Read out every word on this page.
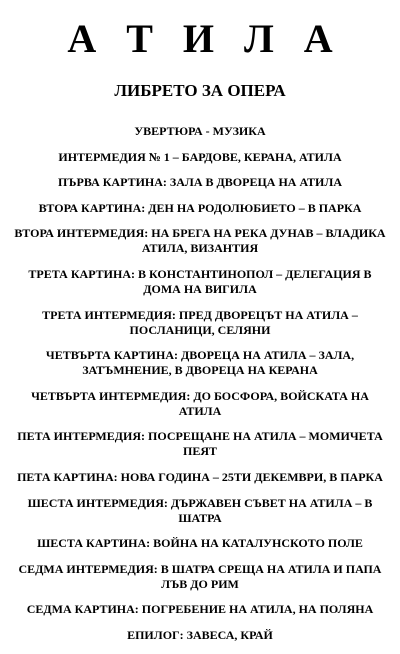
А Т И Л А
ЛИБРЕТО ЗА ОПЕРА
УВЕРТЮРА - МУЗИКА
ИНТЕРМЕДИЯ № 1 – БАРДОВЕ, КЕРАНА, АТИЛА
ПЪРВА КАРТИНА: ЗАЛА В ДВОРЕЦА НА АТИЛА
ВТОРА КАРТИНА: ДЕН НА РОДОЛЮБИЕТО – В ПАРКА
ВТОРА ИНТЕРМЕДИЯ: НА БРЕГА НА РЕКА ДУНАВ – ВЛАДИКА АТИЛА, ВИЗАНТИЯ
ТРЕТА КАРТИНА: В КОНСТАНТИНОПОЛ – ДЕЛЕГАЦИЯ В ДОМА НА ВИГИЛА
ТРЕТА ИНТЕРМЕДИЯ: ПРЕД ДВОРЕЦЪТ НА АТИЛА – ПОСЛАНИЦИ, СЕЛЯНИ
ЧЕТВЪРТА КАРТИНА: ДВОРЕЦА НА АТИЛА – ЗАЛА, ЗАТЪМНЕНИЕ, В ДВОРЕЦА НА КЕРАНА
ЧЕТВЪРТА ИНТЕРМЕДИЯ: ДО БОСФОРА, ВОЙСКАТА НА АТИЛА
ПЕТА ИНТЕРМЕДИЯ: ПОСРЕЩАНЕ НА АТИЛА – МОМИЧЕТА ПЕЯТ
ПЕТА КАРТИНА: НОВА ГОДИНА – 25ТИ ДЕКЕМВРИ, В ПАРКА
ШЕСТА ИНТЕРМЕДИЯ: ДЪРЖАВЕН СЪВЕТ НА АТИЛА – В ШАТРА
ШЕСТА КАРТИНА: ВОЙНА НА КАТАЛУНСКОТО ПОЛЕ
СЕДМА ИНТЕРМЕДИЯ: В ШАТРА СРЕЩА НА АТИЛА И ПАПА ЛЪВ ДО РИМ
СЕДМА КАРТИНА: ПОГРЕБЕНИЕ НА АТИЛА, НА ПОЛЯНА
ЕПИЛОГ: ЗАВЕСА, КРАЙ
